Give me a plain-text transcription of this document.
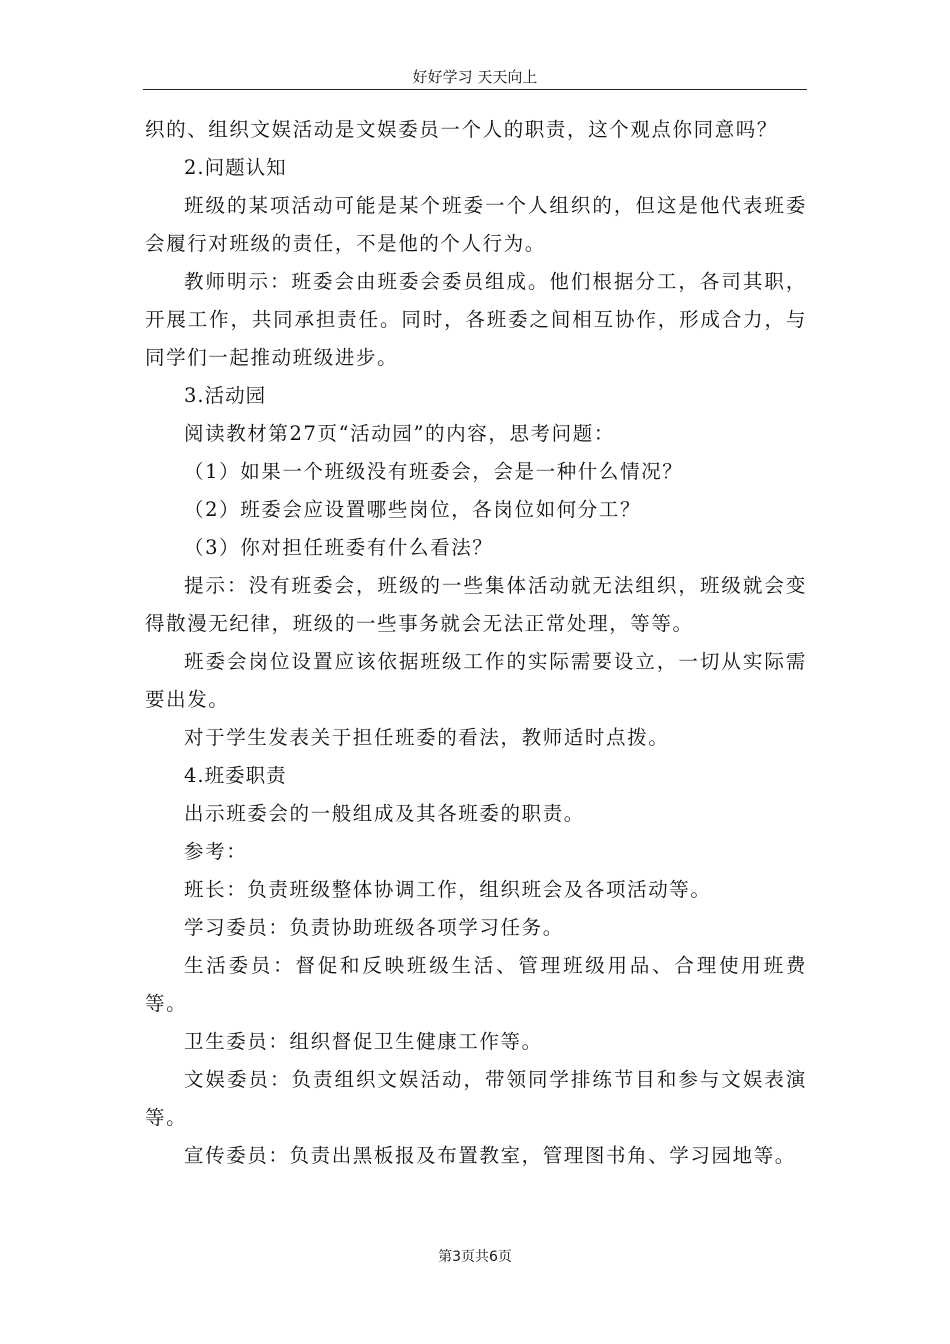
好好学习 天天向上

织的、组织文娱活动是文娱委员一个人的职责，这个观点你同意吗？

2.问题认知

班级的某项活动可能是某个班委一个人组织的，但这是他代表班委会履行对班级的责任，不是他的个人行为。

教师明示：班委会由班委会委员组成。他们根据分工，各司其职，开展工作，共同承担责任。同时，各班委之间相互协作，形成合力，与同学们一起推动班级进步。

3.活动园

阅读教材第27页“活动园”的内容，思考问题：

（1）如果一个班级没有班委会，会是一种什么情况？

（2）班委会应设置哪些岗位，各岗位如何分工？

（3）你对担任班委有什么看法？

提示：没有班委会，班级的一些集体活动就无法组织，班级就会变得散漫无纪律，班级的一些事务就会无法正常处理，等等。

班委会岗位设置应该依据班级工作的实际需要设立，一切从实际需要出发。

对于学生发表关于担任班委的看法，教师适时点拨。

4.班委职责

出示班委会的一般组成及其各班委的职责。

参考：

班长：负责班级整体协调工作，组织班会及各项活动等。

学习委员：负责协助班级各项学习任务。

生活委员：督促和反映班级生活、管理班级用品、合理使用班费等。

卫生委员：组织督促卫生健康工作等。

文娱委员：负责组织文娱活动，带领同学排练节目和参与文娱表演等。

宣传委员：负责出黑板报及布置教室，管理图书角、学习园地等。

第3页共6页
